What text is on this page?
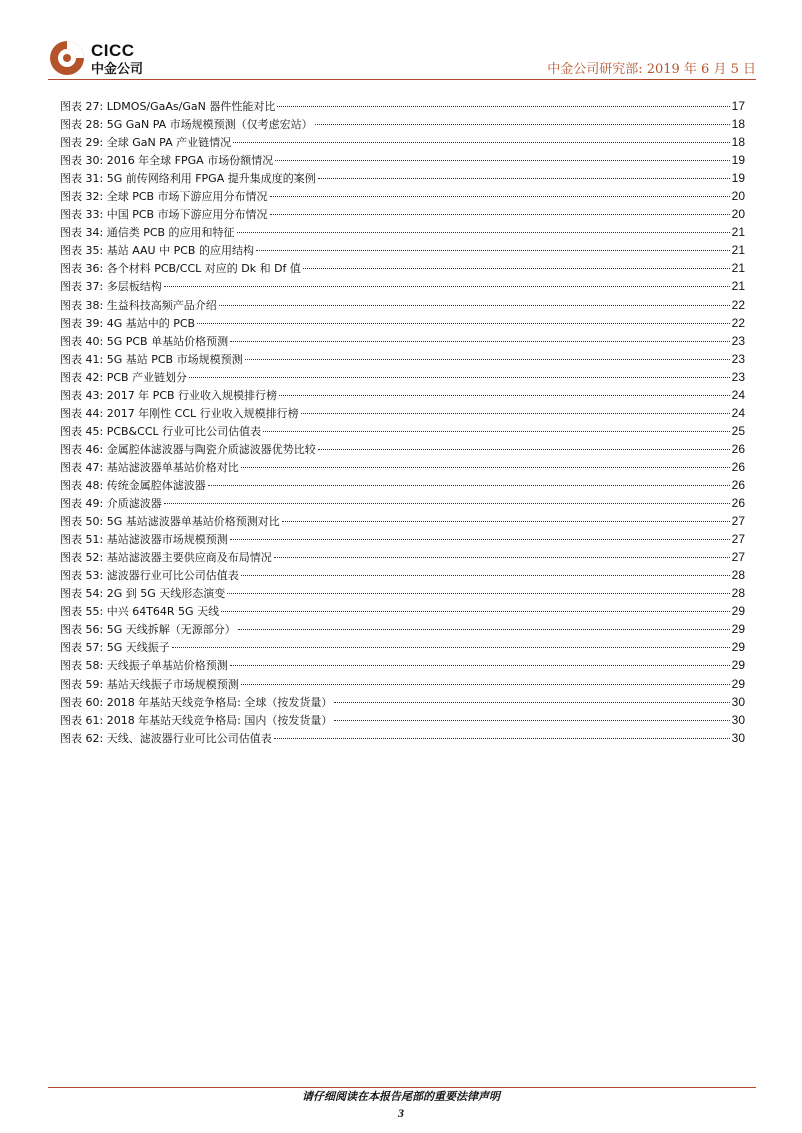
CICC
中金公司	中金公司研究部: 2019 年 6 月 5 日
图表 27: LDMOS/GaAs/GaN 器件性能对比	17
图表 28: 5G GaN PA 市场规模预测（仅考虑宏站）	18
图表 29: 全球 GaN PA 产业链情况	18
图表 30: 2016 年全球 FPGA 市场份额情况	19
图表 31: 5G 前传网络利用 FPGA 提升集成度的案例	19
图表 32: 全球 PCB 市场下游应用分布情况	20
图表 33: 中国 PCB 市场下游应用分布情况	20
图表 34: 通信类 PCB 的应用和特征	21
图表 35: 基站 AAU 中 PCB 的应用结构	21
图表 36: 各个材料 PCB/CCL 对应的 Dk 和 Df 值	21
图表 37: 多层板结构	21
图表 38: 生益科技高频产品介绍	22
图表 39: 4G 基站中的 PCB	22
图表 40: 5G PCB 单基站价格预测	23
图表 41: 5G 基站 PCB 市场规模预测	23
图表 42: PCB 产业链划分	23
图表 43: 2017 年 PCB 行业收入规模排行榜	24
图表 44: 2017 年刚性 CCL 行业收入规模排行榜	24
图表 45: PCB&CCL 行业可比公司估值表	25
图表 46: 金属腔体滤波器与陶瓷介质滤波器优势比较	26
图表 47: 基站滤波器单基站价格对比	26
图表 48: 传统金属腔体滤波器	26
图表 49: 介质滤波器	26
图表 50: 5G 基站滤波器单基站价格预测对比	27
图表 51: 基站滤波器市场规模预测	27
图表 52: 基站滤波器主要供应商及布局情况	27
图表 53: 滤波器行业可比公司估值表	28
图表 54: 2G 到 5G 天线形态演变	28
图表 55: 中兴 64T64R 5G 天线	29
图表 56: 5G 天线拆解（无源部分）	29
图表 57: 5G 天线振子	29
图表 58: 天线振子单基站价格预测	29
图表 59: 基站天线振子市场规模预测	29
图表 60: 2018 年基站天线竞争格局: 全球（按发货量）	30
图表 61: 2018 年基站天线竞争格局: 国内（按发货量）	30
图表 62: 天线、滤波器行业可比公司估值表	30
请仔细阅读在本报告尾部的重要法律声明
3
